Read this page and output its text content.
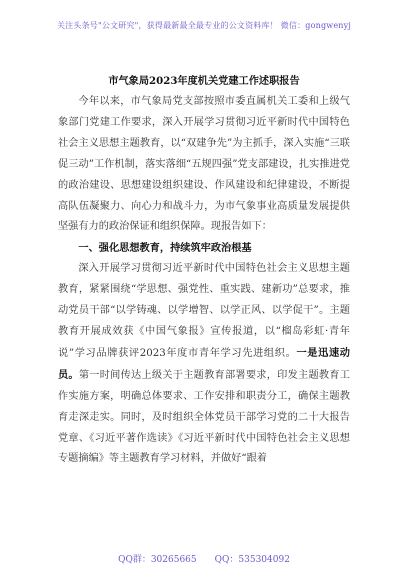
关注头条号"公文研究"，获得最新最全最专业的公文资料库！ 微信：gongwenyj
市气象局2023年度机关党建工作述职报告

今年以来，市气象局党支部按照市委直属机关工委和上级气象部门党建工作要求，深入开展学习贯彻习近平新时代中国特色社会主义思想主题教育，以“双建争先”为主抓手，深入实施“三联促三动”工作机制，落实落细“五规四强”党支部建设，扎实推进党的政治建设、思想建设组织建设、作风建设和纪律建设，不断提高队伍凝聚力、向心力和战斗力，为市气象事业高质量发展提供坚强有力的政治保证和组织保障。现报告如下：

一、强化思想教育，持续筑牢政治根基

深入开展学习贯彻习近平新时代中国特色社会主义思想主题教育，紧紧围绕“学思想、强党性、重实践、建新功”总要求，推动党员干部“以学铸魂、以学增智、以学正风、以学促干”。主题教育开展成效获《中国气象报》宣传报道，以“榴岛彩虹·青年说”学习品牌获评2023年度市青年学习先进组织。一是迅速动员。第一时间传达上级关于主题教育部署要求，印发主题教育工作实施方案，明确总体要求、工作安排和职责分工，确保主题教育走深走实。同时，及时组织全体党员干部学习党的二十大报告党章、《习近平著作选读》《习近平新时代中国特色社会主义思想专题摘编》等主题教育学习材料，并做好“跟着

QQ群：30265665 QQ：535304092
